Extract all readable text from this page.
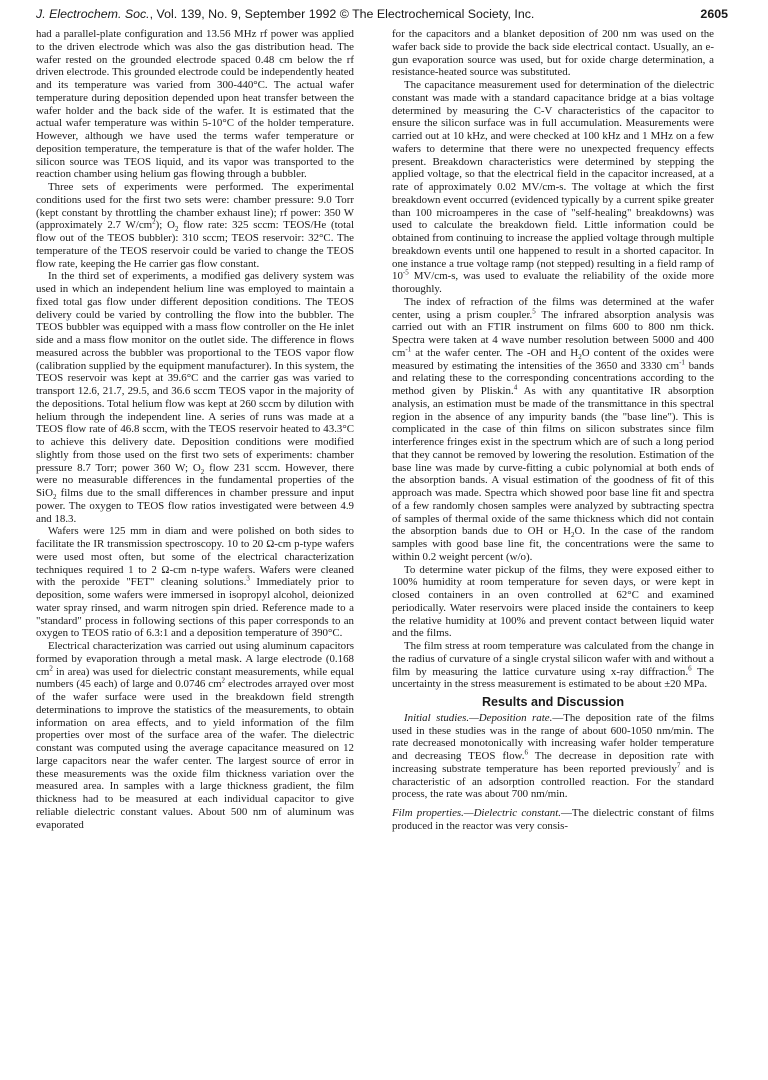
J. Electrochem. Soc., Vol. 139, No. 9, September 1992 © The Electrochemical Society, Inc.	2605

had a parallel-plate configuration and 13.56 MHz rf power was applied to the driven electrode which was also the gas distribution head. The wafer rested on the grounded electrode spaced 0.48 cm below the rf driven electrode. This grounded electrode could be independently heated and its temperature was varied from 300-440°C. The actual wafer temperature during deposition depended upon heat transfer between the wafer holder and the back side of the wafer. It is estimated that the actual wafer temperature was within 5-10°C of the holder temperature. However, although we have used the terms wafer temperature or deposition temperature, the temperature is that of the wafer holder. The silicon source was TEOS liquid, and its vapor was transported to the reaction chamber using helium gas flowing through a bubbler.

Three sets of experiments were performed. The experimental conditions used for the first two sets were: chamber pressure: 9.0 Torr (kept constant by throttling the chamber exhaust line); rf power: 350 W (approximately 2.7 $W/cm^2$); $O_2$ flow rate: 325 sccm: TEOS/He (total flow out of the TEOS bubbler): 310 sccm; TEOS reservoir: 32°C. The temperature of the TEOS reservoir could be varied to change the TEOS flow rate, keeping the He carrier gas flow constant.

In the third set of experiments, a modified gas delivery system was used in which an independent helium line was employed to maintain a fixed total gas flow under different deposition conditions. The TEOS delivery could be varied by controlling the flow into the bubbler. The TEOS bubbler was equipped with a mass flow controller on the He inlet side and a mass flow monitor on the outlet side. The difference in flows measured across the bubbler was proportional to the TEOS vapor flow (calibration supplied by the equipment manufacturer). In this system, the TEOS reservoir was kept at 39.6°C and the carrier gas was varied to transport 12.6, 21.7, 29.5, and 36.6 sccm TEOS vapor in the majority of the depositions. Total helium flow was kept at 260 sccm by dilution with helium through the independent line. A series of runs was made at a TEOS flow rate of 46.8 sccm, with the TEOS reservoir heated to 43.3°C to achieve this delivery date. Deposition conditions were modified slightly from those used on the first two sets of experiments: chamber pressure 8.7 Torr; power 360 W; $O_2$ flow 231 sccm. However, there were no measurable differences in the fundamental properties of the SiO$_2$ films due to the small differences in chamber pressure and input power. The oxygen to TEOS flow ratios investigated were between 4.9 and 18.3.

Wafers were 125 mm in diam and were polished on both sides to facilitate the IR transmission spectroscopy. 10 to 20 Ω-cm p-type wafers were used most often, but some of the electrical characterization techniques required 1 to 2 Ω-cm n-type wafers. Wafers were cleaned with the peroxide "FET" cleaning solutions.$^3$ Immediately prior to deposition, some wafers were immersed in isopropyl alcohol, deionized water spray rinsed, and warm nitrogen spin dried. Reference made to a "standard" process in following sections of this paper corresponds to an oxygen to TEOS ratio of 6.3:1 and a deposition temperature of 390°C.

Electrical characterization was carried out using aluminum capacitors formed by evaporation through a metal mask. A large electrode (0.168 $cm^2$ in area) was used for dielectric constant measurements, while equal numbers (45 each) of large and 0.0746 $cm^2$ electrodes arrayed over most of the wafer surface were used in the breakdown field strength determinations to improve the statistics of the measurements, to obtain information on area effects, and to yield information of the film properties over most of the surface area of the wafer. The dielectric constant was computed using the average capacitance measured on 12 large capacitors near the wafer center. The largest source of error in these measurements was the oxide film thickness variation over the measured area. In samples with a large thickness gradient, the film thickness had to be measured at each individual capacitor to give reliable dielectric constant values. About 500 nm of aluminum was evaporated

for the capacitors and a blanket deposition of 200 nm was used on the wafer back side to provide the back side electrical contact. Usually, an e-gun evaporation source was used, but for oxide charge determination, a resistance-heated source was substituted.

The capacitance measurement used for determination of the dielectric constant was made with a standard capacitance bridge at a bias voltage determined by measuring the C-V characteristics of the capacitor to ensure the silicon surface was in full accumulation. Measurements were carried out at 10 kHz, and were checked at 100 kHz and 1 MHz on a few wafers to determine that there were no unexpected frequency effects present. Breakdown characteristics were determined by stepping the applied voltage, so that the electrical field in the capacitor increased, at a rate of approximately 0.02 MV/cm-s. The voltage at which the first breakdown event occurred (evidenced typically by a current spike greater than 100 microamperes in the case of "self-healing" breakdowns) was used to calculate the breakdown field. Little information could be obtained from continuing to increase the applied voltage through multiple breakdown events until one happened to result in a shorted capacitor. In one instance a true voltage ramp (not stepped) resulting in a field ramp of $10^{-5}$ MV/cm-s, was used to evaluate the reliability of the oxide more thoroughly.

The index of refraction of the films was determined at the wafer center, using a prism coupler.$^5$ The infrared absorption analysis was carried out with an FTIR instrument on films 600 to 800 nm thick. Spectra were taken at 4 wave number resolution between 5000 and 400 $cm^{-1}$ at the wafer center. The -OH and $H_2O$ content of the oxides were measured by estimating the intensities of the 3650 and 3330 $cm^{-1}$ bands and relating these to the corresponding concentrations according to the method given by Pliskin.$^4$ As with any quantitative IR absorption analysis, an estimation must be made of the transmittance in this spectral region in the absence of any impurity bands (the "base line"). This is complicated in the case of thin films on silicon substrates since film interference fringes exist in the spectrum which are of such a long period that they cannot be removed by lowering the resolution. Estimation of the base line was made by curve-fitting a cubic polynomial at both ends of the absorption bands. A visual estimation of the goodness of fit of this approach was made. Spectra which showed poor base line fit and spectra of a few randomly chosen samples were analyzed by subtracting spectra of samples of thermal oxide of the same thickness which did not contain the absorption bands due to OH or $H_2O$. In the case of the random samples with good base line fit, the concentrations were the same to within 0.2 weight percent (w/o).

To determine water pickup of the films, they were exposed either to 100% humidity at room temperature for seven days, or were kept in closed containers in an oven controlled at 62°C and examined periodically. Water reservoirs were placed inside the containers to keep the relative humidity at 100% and prevent contact between liquid water and the films.

The film stress at room temperature was calculated from the change in the radius of curvature of a single crystal silicon wafer with and without a film by measuring the lattice curvature using x-ray diffraction.$^6$ The uncertainty in the stress measurement is estimated to be about ±20 MPa.

Results and Discussion

Initial studies.—Deposition rate.—The deposition rate of the films used in these studies was in the range of about 600-1050 nm/min. The rate decreased monotonically with increasing wafer holder temperature and decreasing TEOS flow.$^6$ The decrease in deposition rate with increasing substrate temperature has been reported previously$^7$ and is characteristic of an adsorption controlled reaction. For the standard process, the rate was about 700 nm/min.

Film properties.—Dielectric constant.—The dielectric constant of films produced in the reactor was very consis-
